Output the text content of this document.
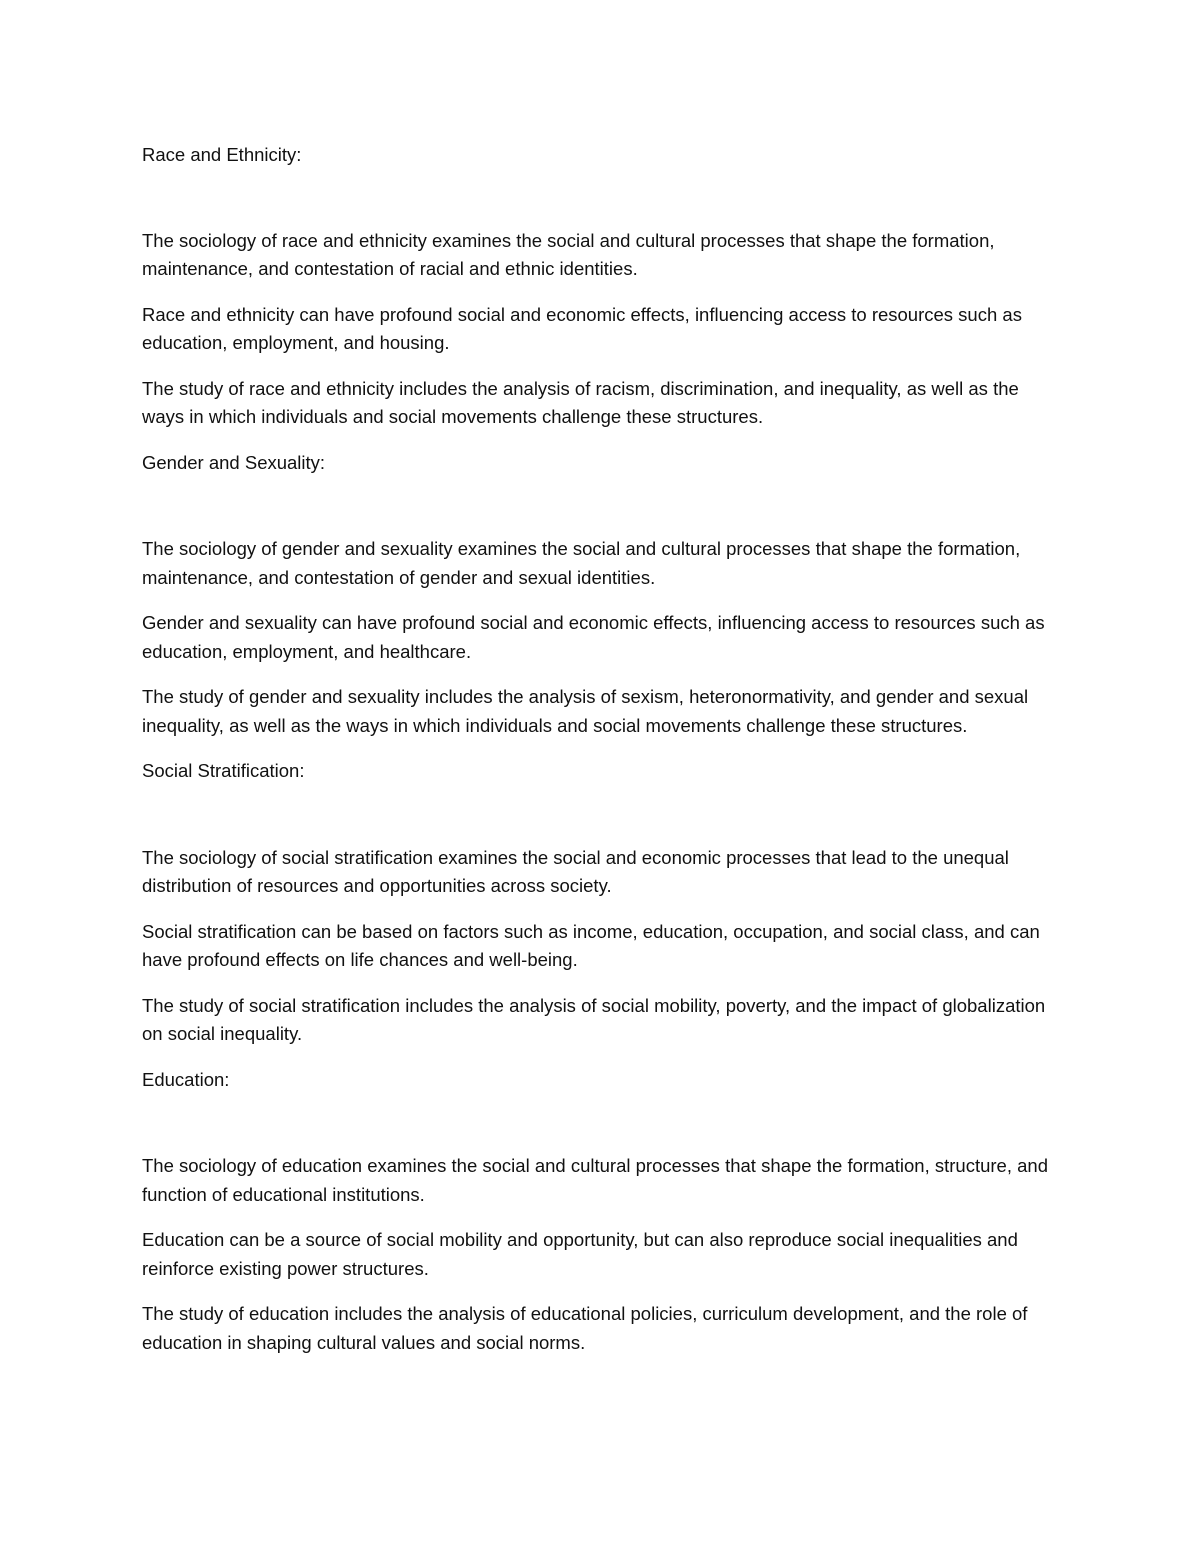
Race and Ethnicity:

The sociology of race and ethnicity examines the social and cultural processes that shape the formation, maintenance, and contestation of racial and ethnic identities.

Race and ethnicity can have profound social and economic effects, influencing access to resources such as education, employment, and housing.

The study of race and ethnicity includes the analysis of racism, discrimination, and inequality, as well as the ways in which individuals and social movements challenge these structures.

Gender and Sexuality:

The sociology of gender and sexuality examines the social and cultural processes that shape the formation, maintenance, and contestation of gender and sexual identities.

Gender and sexuality can have profound social and economic effects, influencing access to resources such as education, employment, and healthcare.

The study of gender and sexuality includes the analysis of sexism, heteronormativity, and gender and sexual inequality, as well as the ways in which individuals and social movements challenge these structures.

Social Stratification:

The sociology of social stratification examines the social and economic processes that lead to the unequal distribution of resources and opportunities across society.

Social stratification can be based on factors such as income, education, occupation, and social class, and can have profound effects on life chances and well-being.

The study of social stratification includes the analysis of social mobility, poverty, and the impact of globalization on social inequality.

Education:

The sociology of education examines the social and cultural processes that shape the formation, structure, and function of educational institutions.

Education can be a source of social mobility and opportunity, but can also reproduce social inequalities and reinforce existing power structures.

The study of education includes the analysis of educational policies, curriculum development, and the role of education in shaping cultural values and social norms.
